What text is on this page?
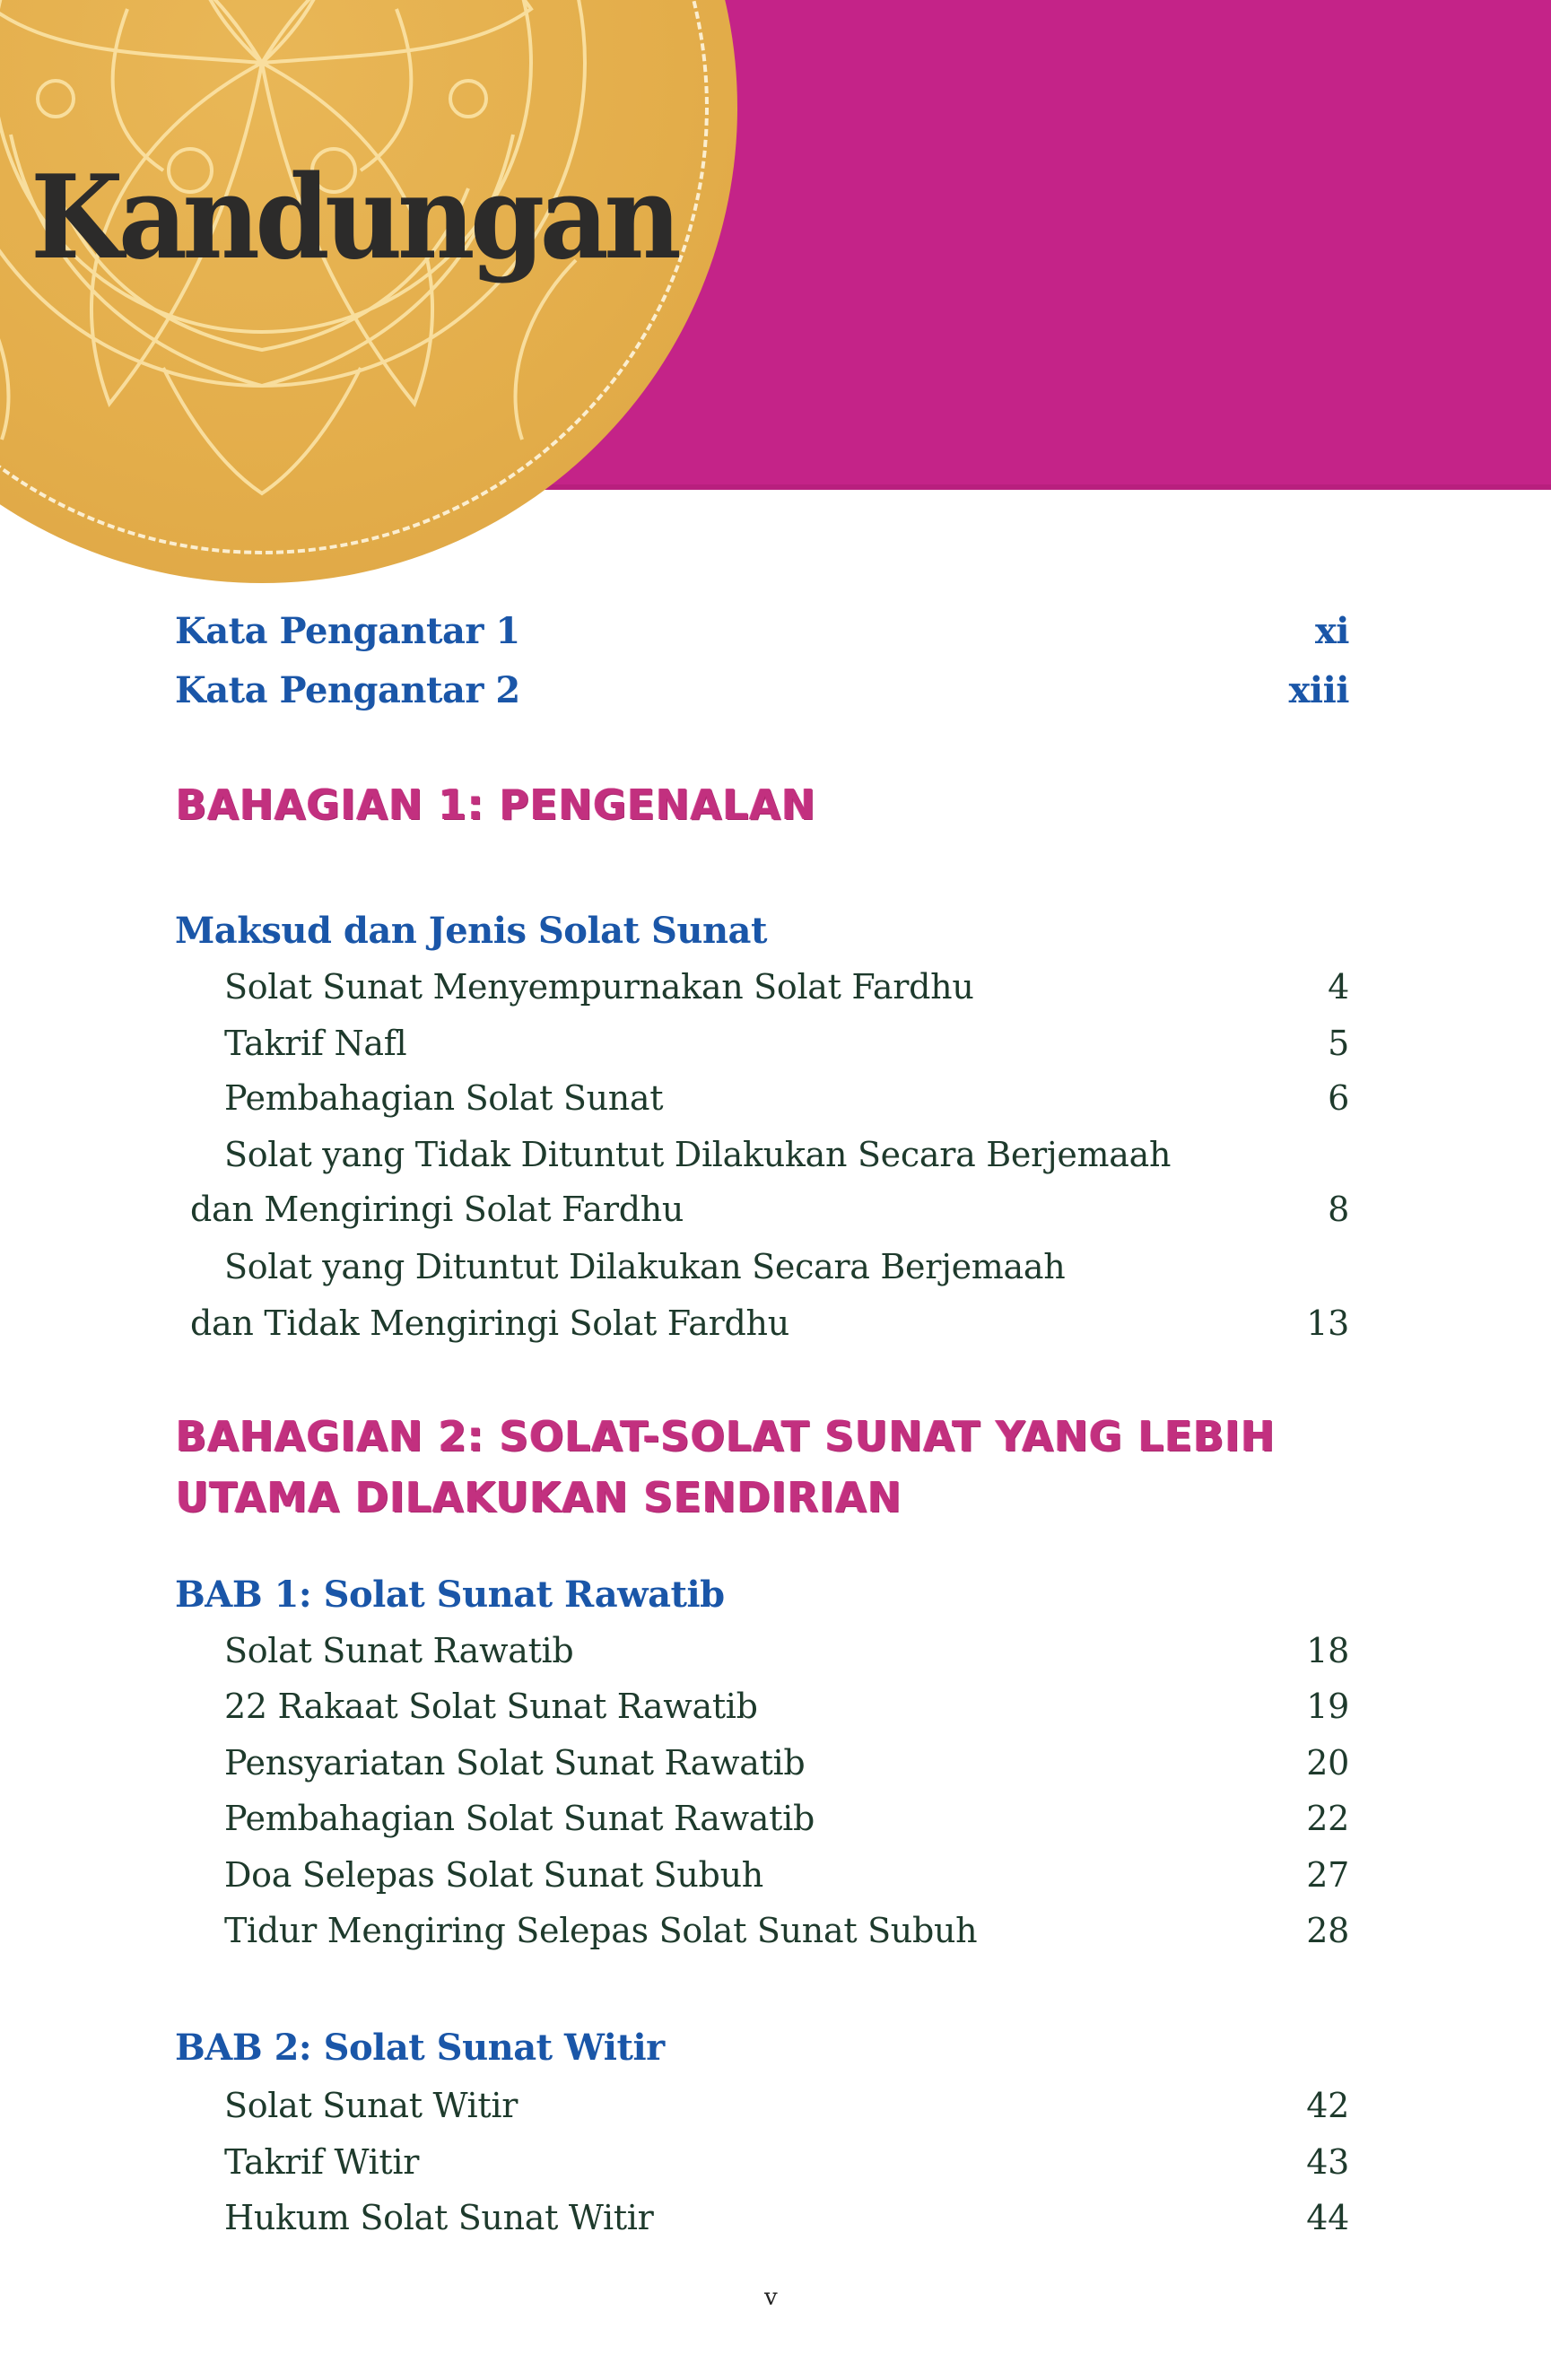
Kandungan
Kata Pengantar 1	xi
Kata Pengantar 2	xiii
BAHAGIAN 1: PENGENALAN
Maksud dan Jenis Solat Sunat
Solat Sunat Menyempurnakan Solat Fardhu	4
Takrif Nafl	5
Pembahagian Solat Sunat	6
Solat yang Tidak Dituntut Dilakukan Secara Berjemaah
dan Mengiringi Solat Fardhu	8
Solat yang Dituntut Dilakukan Secara Berjemaah
dan Tidak Mengiringi Solat Fardhu	13
BAHAGIAN 2: SOLAT-SOLAT SUNAT YANG LEBIH
UTAMA DILAKUKAN SENDIRIAN
BAB 1: Solat Sunat Rawatib
Solat Sunat Rawatib	18
22 Rakaat Solat Sunat Rawatib	19
Pensyariatan Solat Sunat Rawatib	20
Pembahagian Solat Sunat Rawatib	22
Doa Selepas Solat Sunat Subuh	27
Tidur Mengiring Selepas Solat Sunat Subuh	28
BAB 2: Solat Sunat Witir
Solat Sunat Witir	42
Takrif Witir	43
Hukum Solat Sunat Witir	44
v
